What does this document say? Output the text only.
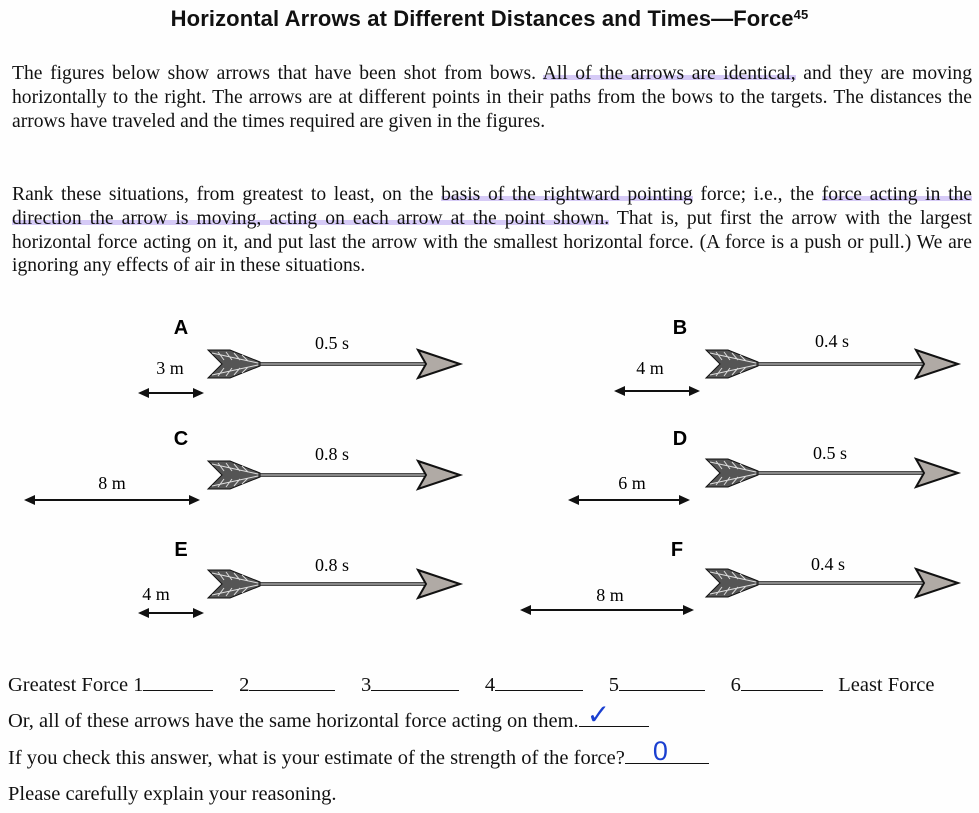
Horizontal Arrows at Different Distances and Times—Force$^{45}$
The figures below show arrows that have been shot from bows. All of the arrows are identical, and they are moving horizontally to the right. The arrows are at different points in their paths from the bows to the targets. The distances the arrows have traveled and the times required are given in the figures.
Rank these situations, from greatest to least, on the basis of the rightward pointing force; i.e., the force acting in the direction the arrow is moving, acting on each arrow at the point shown. That is, put first the arrow with the largest horizontal force acting on it, and put last the arrow with the smallest horizontal force. (A force is a push or pull.) We are ignoring any effects of air in these situations.
A
0.5 s
3 m
B
0.4 s
4 m
C
0.8 s
8 m
D
0.5 s
6 m
E
0.8 s
4 m
F
0.4 s
8 m
Greatest Force 1	2	3	4	5	6	Least Force
Or, all of these arrows have the same horizontal force acting on them. ✓
If you check this answer, what is your estimate of the strength of the force? 0
Please carefully explain your reasoning.
